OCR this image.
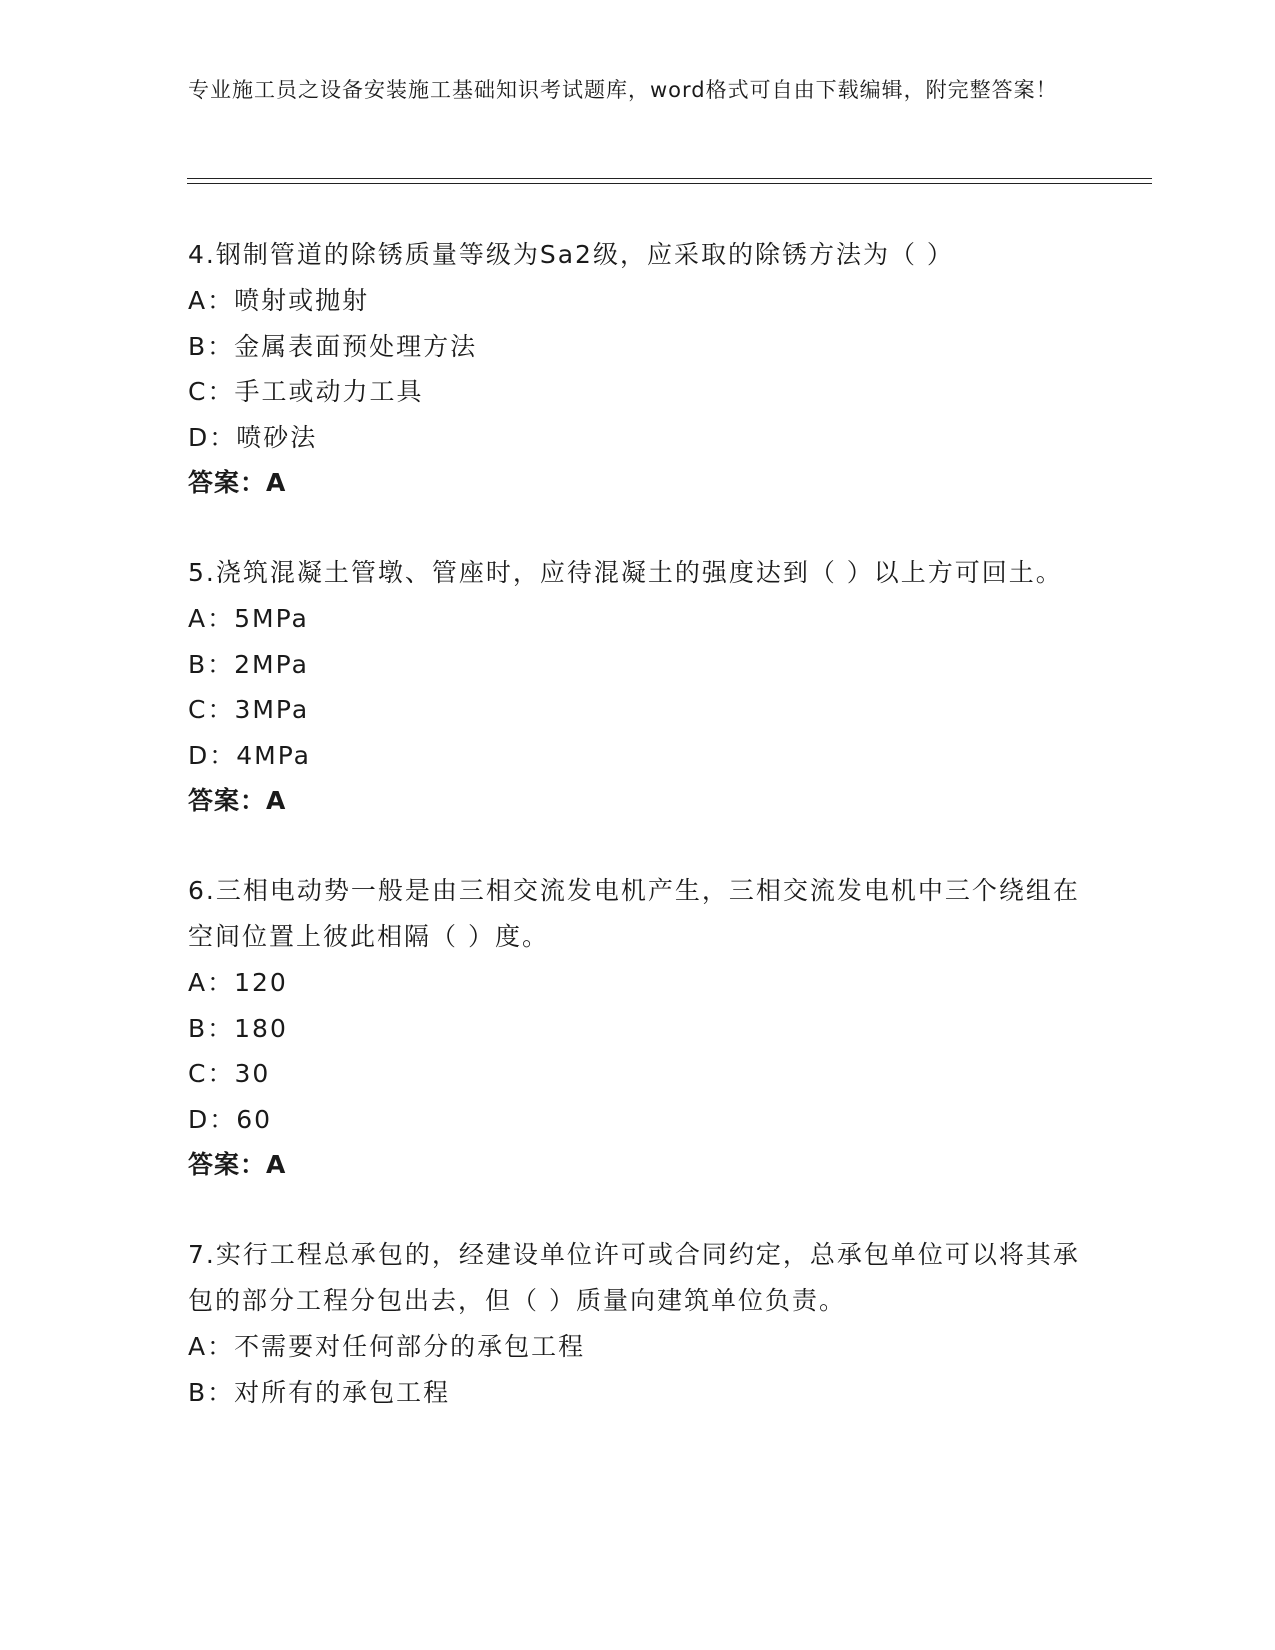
专业施工员之设备安装施工基础知识考试题库，word格式可自由下载编辑，附完整答案！

4.钢制管道的除锈质量等级为Sa2级，应采取的除锈方法为（ ）

A：喷射或抛射
B：金属表面预处理方法
C：手工或动力工具
D：喷砂法
答案：A

5.浇筑混凝土管墩、管座时，应待混凝土的强度达到（ ）以上方可回土。

A：5MPa
B：2MPa
C：3MPa
D：4MPa
答案：A

6.三相电动势一般是由三相交流发电机产生，三相交流发电机中三个绕组在空间位置上彼此相隔（ ）度。

A：120
B：180
C：30
D：60
答案：A

7.实行工程总承包的，经建设单位许可或合同约定，总承包单位可以将其承包的部分工程分包出去，但（ ）质量向建筑单位负责。

A：不需要对任何部分的承包工程
B：对所有的承包工程
